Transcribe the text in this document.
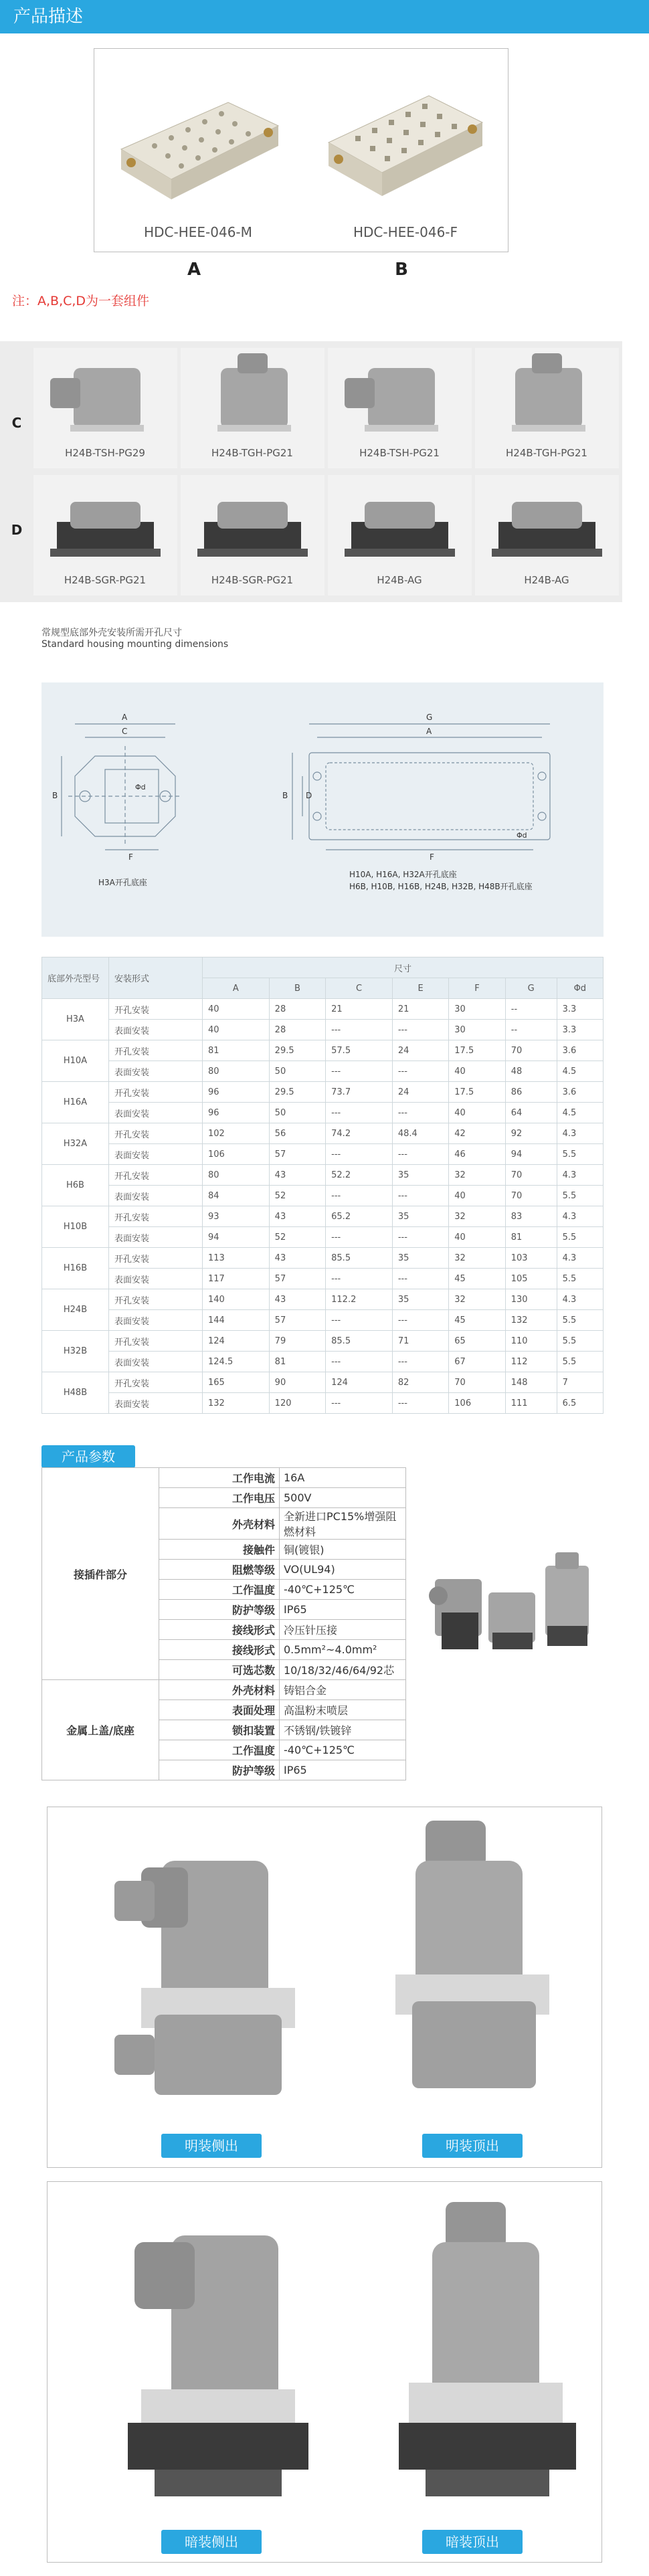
产品描述
HDC-HEE-046-M	HDC-HEE-046-F
A	B
注：A,B,C,D为一套组件
C
D
H24B-TSH-PG29
H24B-SGR-PG21
H24B-TGH-PG21
H24B-SGR-PG21
H24B-TSH-PG21
H24B-AG
H24B-TGH-PG21
H24B-AG
常规型底部外壳安装所需开孔尺寸
Standard housing mounting dimensions
A
C
B
F
Φd
G
A
B D
F
Φd
H3A开孔底座
H10A, H16A, H32A开孔底座
H6B, H10B, H16B, H24B, H32B, H48B开孔底座
底部外壳型号	安装形式	尺寸						
		A	B	C	E	F	G	Φd
H3A	开孔安装	40	28	21	21	30	--	3.3
	表面安装	40	28	---	---	30	--	3.3
H10A	开孔安装	81	29.5	57.5	24	17.5	70	3.6
	表面安装	80	50	---	---	40	48	4.5
H16A	开孔安装	96	29.5	73.7	24	17.5	86	3.6
	表面安装	96	50	---	---	40	64	4.5
H32A	开孔安装	102	56	74.2	48.4	42	92	4.3
	表面安装	106	57	---	---	46	94	5.5
H6B	开孔安装	80	43	52.2	35	32	70	4.3
	表面安装	84	52	---	---	40	70	5.5
H10B	开孔安装	93	43	65.2	35	32	83	4.3
	表面安装	94	52	---	---	40	81	5.5
H16B	开孔安装	113	43	85.5	35	32	103	4.3
	表面安装	117	57	---	---	45	105	5.5
H24B	开孔安装	140	43	112.2	35	32	130	4.3
	表面安装	144	57	---	---	45	132	5.5
H32B	开孔安装	124	79	85.5	71	65	110	5.5
	表面安装	124.5	81	---	---	67	112	5.5
H48B	开孔安装	165	90	124	82	70	148	7
	表面安装	132	120	---	---	106	111	6.5
产品参数
接插件部分	工作电流	16A
	工作电压	500V
	外壳材料	全新进口PC15%增强阻燃材料
	接触件	铜(镀银)
	阻燃等级	VO(UL94)
	工作温度	-40℃+125℃
	防护等级	IP65
	接线形式	冷压针压接
	接线形式	0.5mm²~4.0mm²
	可选芯数	10/18/32/46/64/92芯
金属上盖/底座	外壳材料	铸铝合金
	表面处理	高温粉末喷层
	锁扣装置	不锈钢/铁镀锌
	工作温度	-40℃+125℃
	防护等级	IP65
明装侧出	明装顶出
暗装侧出	暗装顶出
